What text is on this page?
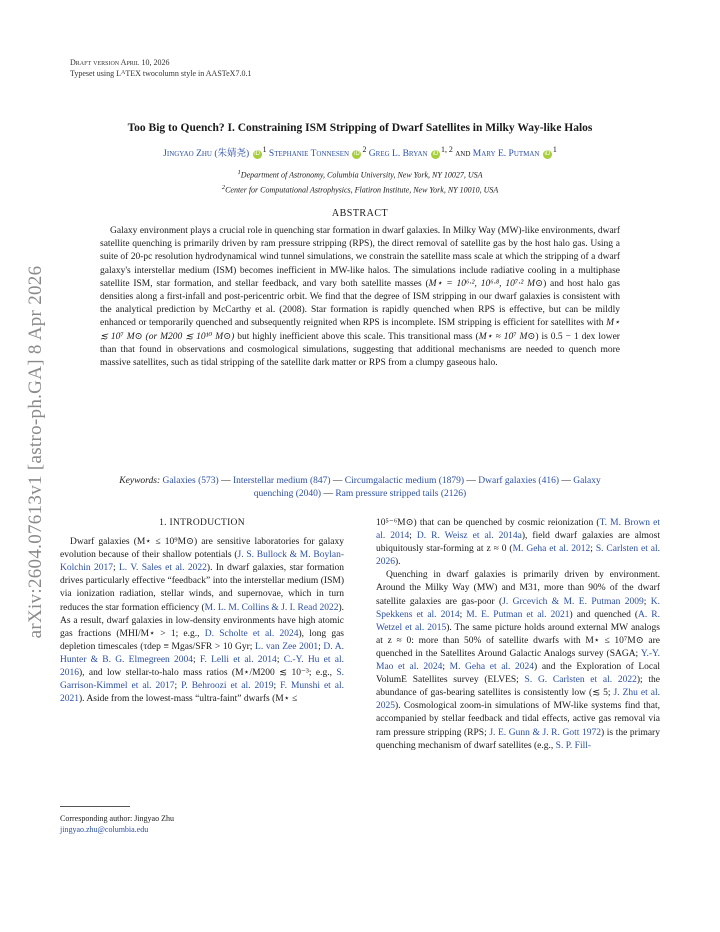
arXiv:2604.07613v1 [astro-ph.GA] 8 Apr 2026
Draft version April 10, 2026
Typeset using $L^ATEX$ twocolumn style in AASTeX7.0.1
Too Big to Quench? I. Constraining ISM Stripping of Dwarf Satellites in Milky Way-like Halos
Jingyao Zhu (朱婧尧) $iD^1$ Stephanie Tonnesen $iD^2$ Greg L. Bryan iD$^{1, 2}$ and Mary E. Putman $iD^1$
$^1$Department of Astronomy, Columbia University, New York, NY 10027, USA
$^2$Center for Computational Astrophysics, Flatiron Institute, New York, NY 10010, USA
ABSTRACT
Galaxy environment plays a crucial role in quenching star formation in dwarf galaxies. In Milky Way (MW)-like environments, dwarf satellite quenching is primarily driven by ram pressure stripping (RPS), the direct removal of satellite gas by the host halo gas. Using a suite of 20-pc resolution hydrodynamical wind tunnel simulations, we constrain the satellite mass scale at which the stripping of a dwarf galaxy's interstellar medium (ISM) becomes inefficient in MW-like halos. The simulations include radiative cooling in a multiphase satellite ISM, star formation, and stellar feedback, and vary both satellite masses (M⋆ = 10⁶·², 10⁶·⁸, 10⁷·² M⊙) and host halo gas densities along a first-infall and post-pericentric orbit. We find that the degree of ISM stripping in our dwarf galaxies is consistent with the analytical prediction by McCarthy et al. (2008). Star formation is rapidly quenched when RPS is effective, but can be mildly enhanced or temporarily quenched and subsequently reignited when RPS is incomplete. ISM stripping is efficient for satellites with M⋆ ≲ 10⁷ M⊙ (or M200 ≲ 10¹⁰ M⊙) but highly inefficient above this scale. This transitional mass (M⋆ ≈ 10⁷ M⊙) is 0.5 − 1 dex lower than that found in observations and cosmological simulations, suggesting that additional mechanisms are needed to quench more massive satellites, such as tidal stripping of the satellite dark matter or RPS from a clumpy gaseous halo.
Keywords: Galaxies (573) — Interstellar medium (847) — Circumgalactic medium (1879) — Dwarf galaxies (416) — Galaxy quenching (2040) — Ram pressure stripped tails (2126)

1. INTRODUCTION

Dwarf galaxies (M⋆ ≤ 10⁹M⊙) are sensitive laboratories for galaxy evolution because of their shallow potentials (J. S. Bullock & M. Boylan-Kolchin 2017; L. V. Sales et al. 2022). In dwarf galaxies, star formation drives particularly effective “feedback” into the interstellar medium (ISM) via ionization radiation, stellar winds, and supernovae, which in turn reduces the star formation efficiency (M. L. M. Collins & J. I. Read 2022). As a result, dwarf galaxies in low-density environments have high atomic gas fractions (MHI/M⋆ > 1; e.g., D. Scholte et al. 2024), long gas depletion timescales (τdep ≡ Mgas/SFR > 10 Gyr; L. van Zee 2001; D. A. Hunter & B. G. Elmegreen 2004; F. Lelli et al. 2014; C.-Y. Hu et al. 2016), and low stellar-to-halo mass ratios (M⋆/M200 ≲ 10⁻³; e.g., S. Garrison-Kimmel et al. 2017; P. Behroozi et al. 2019; F. Munshi et al. 2021). Aside from the lowest-mass “ultra-faint” dwarfs (M⋆ ≤

10⁵⁻⁶M⊙) that can be quenched by cosmic reionization (T. M. Brown et al. 2014; D. R. Weisz et al. 2014a), field dwarf galaxies are almost ubiquitously star-forming at z ≈ 0 (M. Geha et al. 2012; S. Carlsten et al. 2026).

Quenching in dwarf galaxies is primarily driven by environment. Around the Milky Way (MW) and M31, more than 90% of the dwarf satellite galaxies are gas-poor (J. Grcevich & M. E. Putman 2009; K. Spekkens et al. 2014; M. E. Putman et al. 2021) and quenched (A. R. Wetzel et al. 2015). The same picture holds around external MW analogs at z ≈ 0: more than 50% of satellite dwarfs with M⋆ ≤ 10⁷M⊙ are quenched in the Satellites Around Galactic Analogs survey (SAGA; Y.-Y. Mao et al. 2024; M. Geha et al. 2024) and the Exploration of Local VolumE Satellites survey (ELVES; S. G. Carlsten et al. 2022); the abundance of gas-bearing satellites is consistently low (≲ 5; J. Zhu et al. 2025). Cosmological zoom-in simulations of MW-like systems find that, accompanied by stellar feedback and tidal effects, active gas removal via ram pressure stripping (RPS; J. E. Gunn & J. R. Gott 1972) is the primary quenching mechanism of dwarf satellites (e.g., S. P. Fill-

Corresponding author: Jingyao Zhu
jingyao.zhu@columbia.edu
